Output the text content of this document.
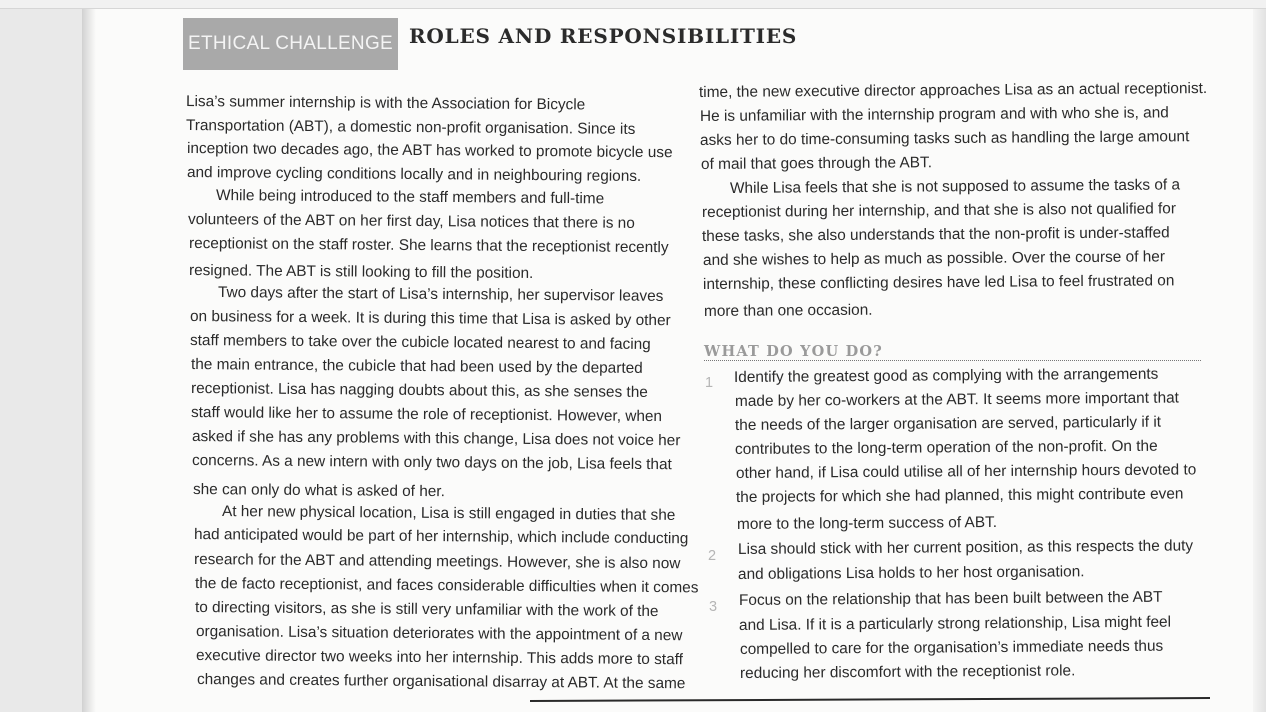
ETHICAL CHALLENGE ROLES AND RESPONSIBILITIES
Lisa’s summer internship is with the Association for Bicycle
Transportation (ABT), a domestic non-profit organisation. Since its
inception two decades ago, the ABT has worked to promote bicycle use
and improve cycling conditions locally and in neighbouring regions.
While being introduced to the staff members and full-time
volunteers of the ABT on her first day, Lisa notices that there is no
receptionist on the staff roster. She learns that the receptionist recently
resigned. The ABT is still looking to fill the position.
Two days after the start of Lisa’s internship, her supervisor leaves
on business for a week. It is during this time that Lisa is asked by other
staff members to take over the cubicle located nearest to and facing
the main entrance, the cubicle that had been used by the departed
receptionist. Lisa has nagging doubts about this, as she senses the
staff would like her to assume the role of receptionist. However, when
asked if she has any problems with this change, Lisa does not voice her
concerns. As a new intern with only two days on the job, Lisa feels that
she can only do what is asked of her.
At her new physical location, Lisa is still engaged in duties that she
had anticipated would be part of her internship, which include conducting
research for the ABT and attending meetings. However, she is also now
the de facto receptionist, and faces considerable difficulties when it comes
to directing visitors, as she is still very unfamiliar with the work of the
organisation. Lisa’s situation deteriorates with the appointment of a new
executive director two weeks into her internship. This adds more to staff
changes and creates further organisational disarray at ABT. At the same
time, the new executive director approaches Lisa as an actual receptionist.
He is unfamiliar with the internship program and with who she is, and
asks her to do time-consuming tasks such as handling the large amount
of mail that goes through the ABT.
While Lisa feels that she is not supposed to assume the tasks of a
receptionist during her internship, and that she is also not qualified for
these tasks, she also understands that the non-profit is under-staffed
and she wishes to help as much as possible. Over the course of her
internship, these conflicting desires have led Lisa to feel frustrated on
more than one occasion.
WHAT DO YOU DO?
1 Identify the greatest good as complying with the arrangements
made by her co-workers at the ABT. It seems more important that
the needs of the larger organisation are served, particularly if it
contributes to the long-term operation of the non-profit. On the
other hand, if Lisa could utilise all of her internship hours devoted to
the projects for which she had planned, this might contribute even
more to the long-term success of ABT.
2 Lisa should stick with her current position, as this respects the duty
and obligations Lisa holds to her host organisation.
3 Focus on the relationship that has been built between the ABT
and Lisa. If it is a particularly strong relationship, Lisa might feel
compelled to care for the organisation’s immediate needs thus
reducing her discomfort with the receptionist role.
